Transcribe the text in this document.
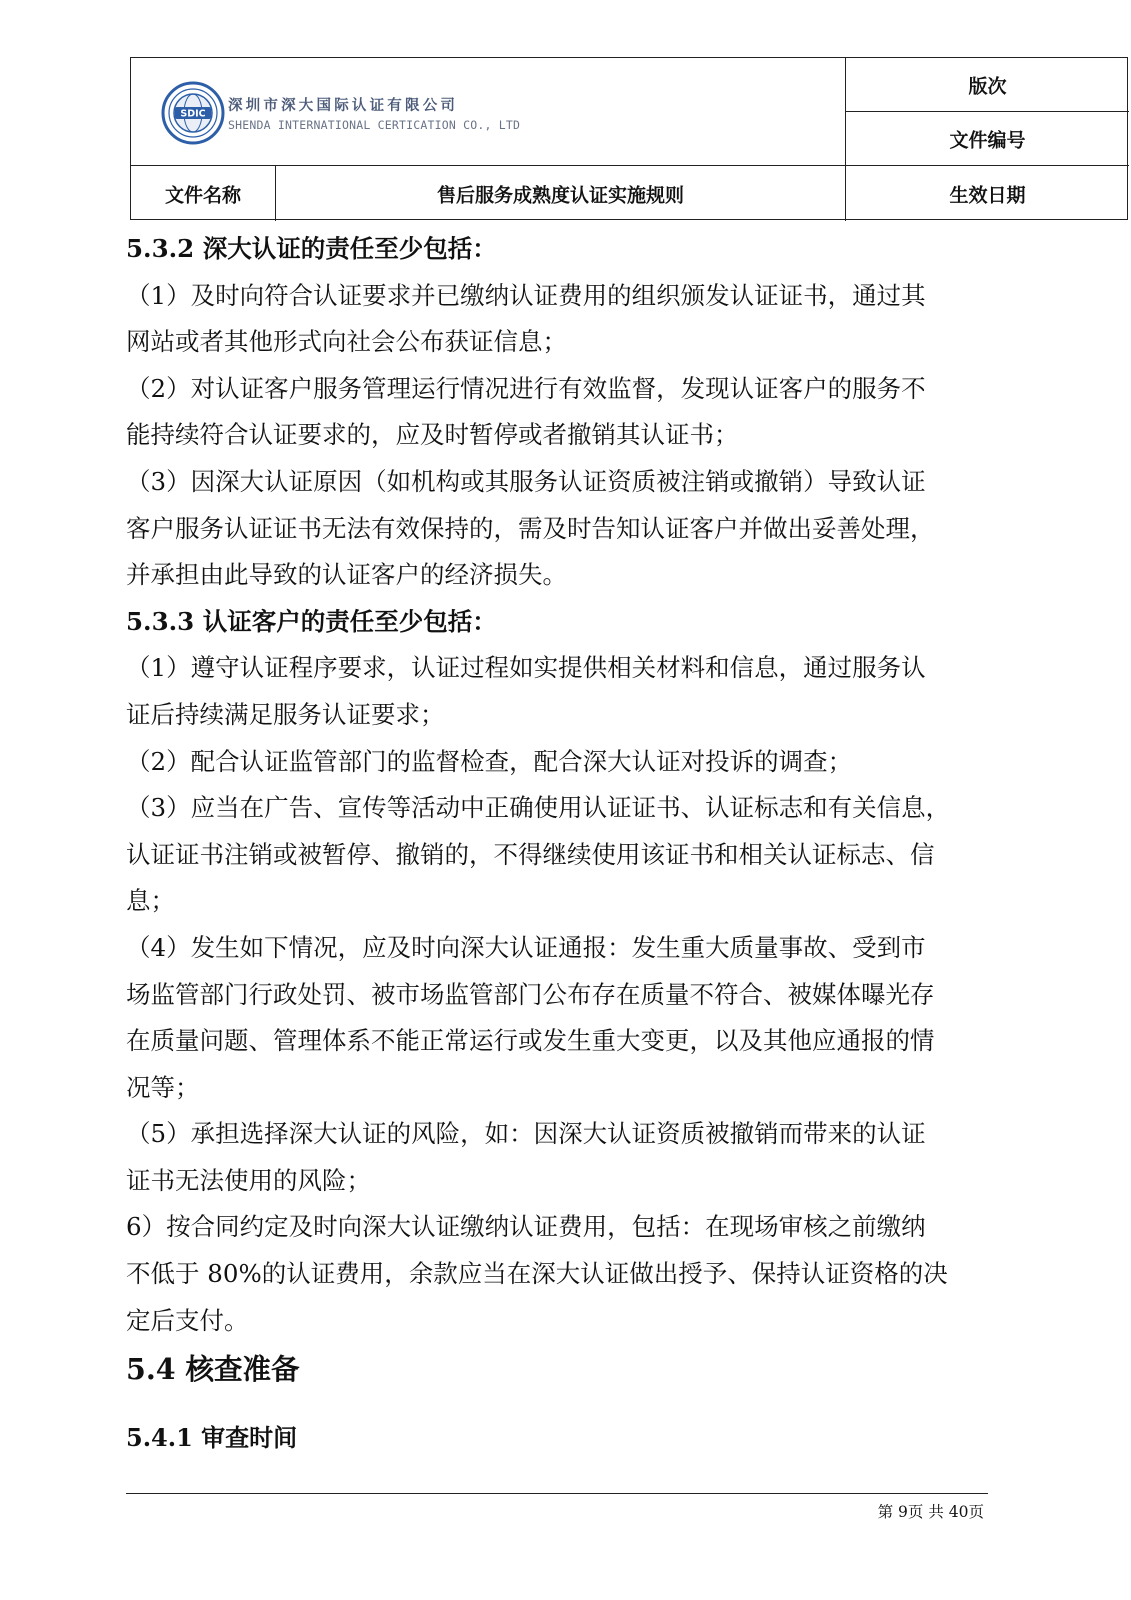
SDIC 深圳市深大国际认证有限公司
SHENDA INTERNATIONAL CERTICATION CO., LTD
版次
文件编号
文件名称	售后服务成熟度认证实施规则	生效日期
5.3.2 深大认证的责任至少包括：
（1）及时向符合认证要求并已缴纳认证费用的组织颁发认证证书，通过其
网站或者其他形式向社会公布获证信息；
（2）对认证客户服务管理运行情况进行有效监督，发现认证客户的服务不
能持续符合认证要求的，应及时暂停或者撤销其认证书；
（3）因深大认证原因（如机构或其服务认证资质被注销或撤销）导致认证
客户服务认证证书无法有效保持的，需及时告知认证客户并做出妥善处理，
并承担由此导致的认证客户的经济损失。
5.3.3 认证客户的责任至少包括：
（1）遵守认证程序要求，认证过程如实提供相关材料和信息，通过服务认
证后持续满足服务认证要求；
（2）配合认证监管部门的监督检查，配合深大认证对投诉的调查；
（3）应当在广告、宣传等活动中正确使用认证证书、认证标志和有关信息，
认证证书注销或被暂停、撤销的，不得继续使用该证书和相关认证标志、信
息；
（4）发生如下情况，应及时向深大认证通报：发生重大质量事故、受到市
场监管部门行政处罚、被市场监管部门公布存在质量不符合、被媒体曝光存
在质量问题、管理体系不能正常运行或发生重大变更，以及其他应通报的情
况等；
（5）承担选择深大认证的风险，如：因深大认证资质被撤销而带来的认证
证书无法使用的风险；
6）按合同约定及时向深大认证缴纳认证费用，包括：在现场审核之前缴纳
不低于 80%的认证费用，余款应当在深大认证做出授予、保持认证资格的决
定后支付。
5.4 核查准备
5.4.1 审查时间
第 9页 共 40页
